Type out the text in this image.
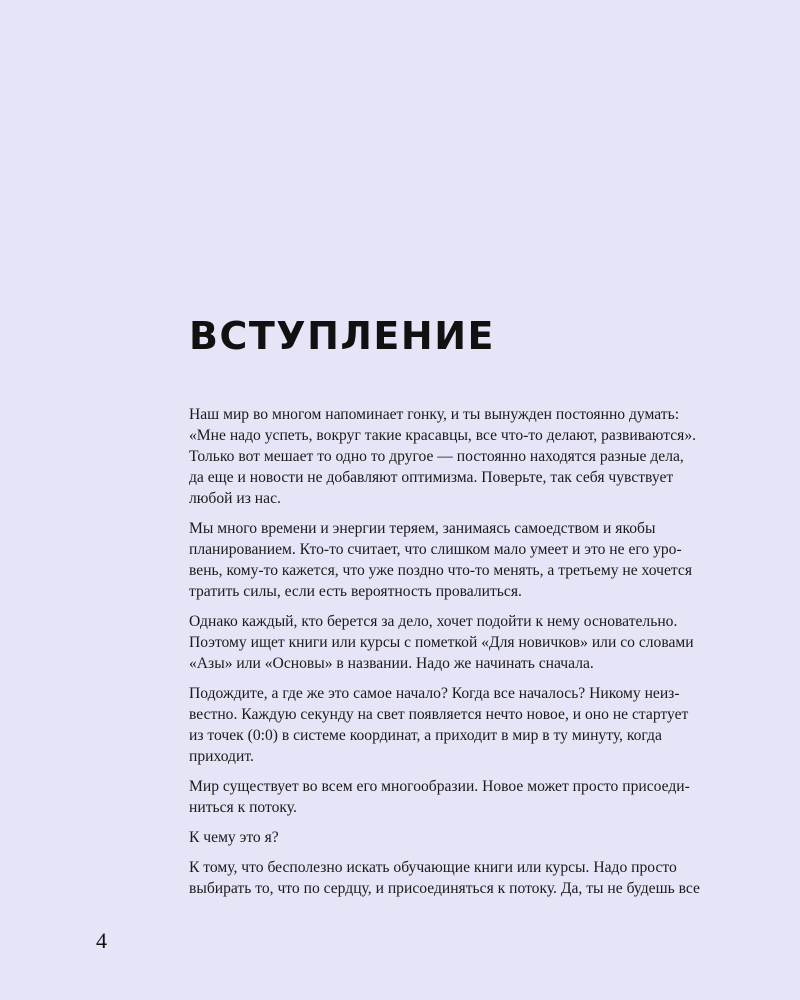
ВСТУПЛЕНИЕ

Наш мир во многом напоминает гонку, и ты вынужден постоянно думать:
«Мне надо успеть, вокруг такие красавцы, все что-то делают, развиваются».
Только вот мешает то одно то другое — постоянно находятся разные дела,
да еще и новости не добавляют оптимизма. Поверьте, так себя чувствует
любой из нас.

Мы много времени и энергии теряем, занимаясь самоедством и якобы
планированием. Кто-то считает, что слишком мало умеет и это не его уро-
вень, кому-то кажется, что уже поздно что-то менять, а третьему не хочется
тратить силы, если есть вероятность провалиться.

Однако каждый, кто берется за дело, хочет подойти к нему основательно.
Поэтому ищет книги или курсы с пометкой «Для новичков» или со словами
«Азы» или «Основы» в названии. Надо же начинать сначала.

Подождите, а где же это самое начало? Когда все началось? Никому неиз-
вестно. Каждую секунду на свет появляется нечто новое, и оно не стартует
из точек (0:0) в системе координат, а приходит в мир в ту минуту, когда
приходит.

Мир существует во всем его многообразии. Новое может просто присоеди-
ниться к потоку.

К чему это я?

К тому, что бесполезно искать обучающие книги или курсы. Надо просто
выбирать то, что по сердцу, и присоединяться к потоку. Да, ты не будешь все

4
